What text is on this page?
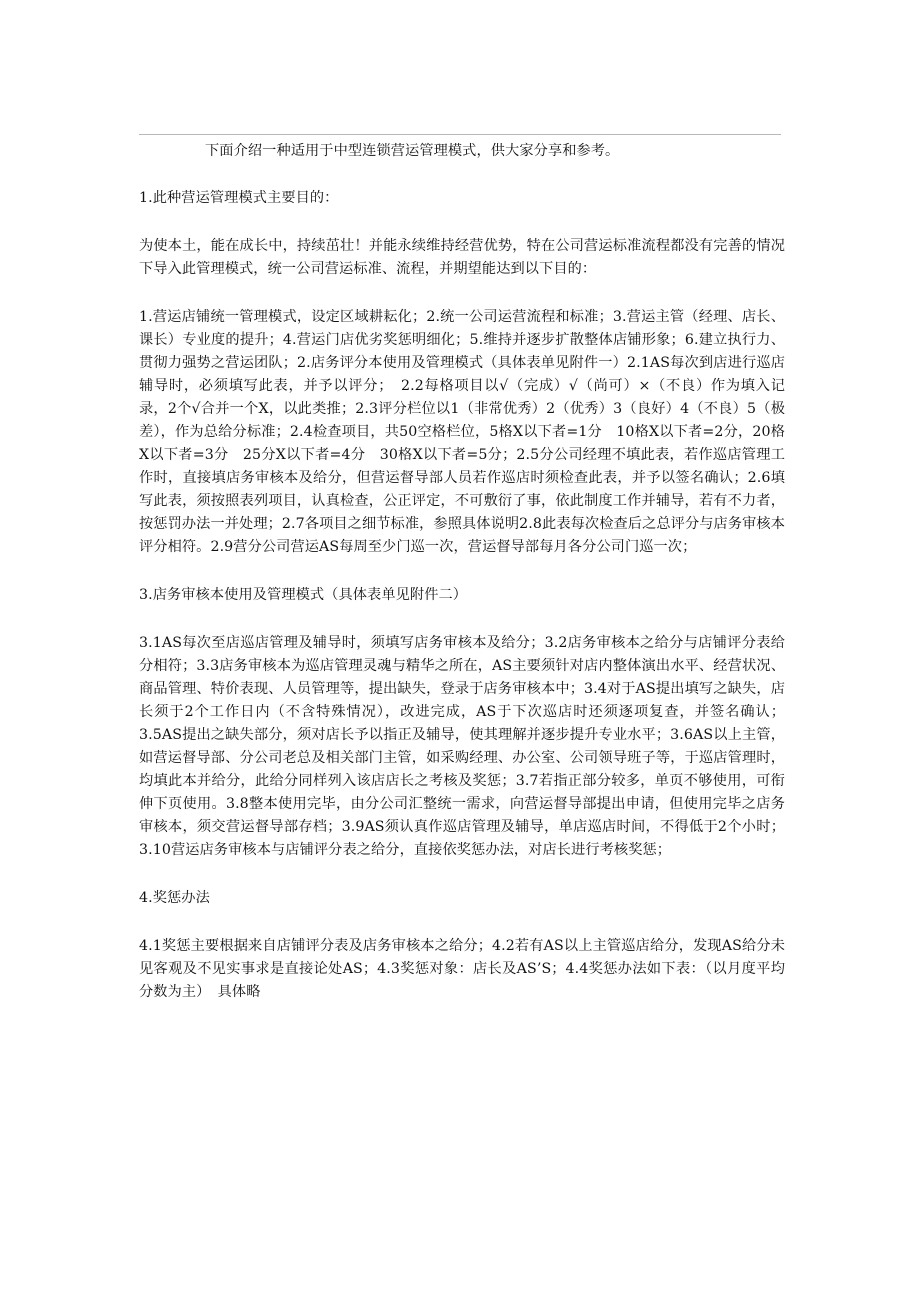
下面介绍一种适用于中型连锁营运管理模式，供大家分享和参考。

1.此种营运管理模式主要目的：

为使本土，能在成长中，持续茁壮！并能永续维持经营优势，特在公司营运标准流程都没有完善的情况下导入此管理模式，统一公司营运标准、流程，并期望能达到以下目的：

1.营运店铺统一管理模式，设定区域耕耘化；2.统一公司运营流程和标准；3.营运主管（经理、店长、课长）专业度的提升；4.营运门店优劣奖惩明细化；5.维持并逐步扩散整体店铺形象；6.建立执行力、贯彻力强势之营运团队；2.店务评分本使用及管理模式（具体表单见附件一）2.1AS每次到店进行巡店辅导时，必须填写此表，并予以评分；　2.2每格项目以√（完成）√（尚可）×（不良）作为填入记录，2个√合并一个X，以此类推；2.3评分栏位以1（非常优秀）2（优秀）3（良好）4（不良）5（极差），作为总给分标准；2.4检查项目，共50空格栏位，5格X以下者=1分　10格X以下者=2分，20格X以下者=3分　25分X以下者=4分　30格X以下者=5分；2.5分公司经理不填此表，若作巡店管理工作时，直接填店务审核本及给分，但营运督导部人员若作巡店时须检查此表，并予以签名确认；2.6填写此表，须按照表列项目，认真检查，公正评定，不可敷衍了事，依此制度工作并辅导，若有不力者，按惩罚办法一并处理；2.7各项目之细节标准，参照具体说明2.8此表每次检查后之总评分与店务审核本评分相符。2.9营分公司营运AS每周至少门巡一次，营运督导部每月各分公司门巡一次；

3.店务审核本使用及管理模式（具体表单见附件二）

3.1AS每次至店巡店管理及辅导时，须填写店务审核本及给分；3.2店务审核本之给分与店铺评分表给分相符；3.3店务审核本为巡店管理灵魂与精华之所在，AS主要须针对店内整体演出水平、经营状况、商品管理、特价表现、人员管理等，提出缺失，登录于店务审核本中；3.4对于AS提出填写之缺失，店长须于2个工作日内（不含特殊情况），改进完成，AS于下次巡店时还须逐项复查，并签名确认；3.5AS提出之缺失部分，须对店长予以指正及辅导，使其理解并逐步提升专业水平；3.6AS以上主管，如营运督导部、分公司老总及相关部门主管，如采购经理、办公室、公司领导班子等，于巡店管理时，均填此本并给分，此给分同样列入该店店长之考核及奖惩；3.7若指正部分较多，单页不够使用，可衔伸下页使用。3.8整本使用完毕，由分公司汇整统一需求，向营运督导部提出申请，但使用完毕之店务审核本，须交营运督导部存档；3.9AS须认真作巡店管理及辅导，单店巡店时间，不得低于2个小时；3.10营运店务审核本与店铺评分表之给分，直接依奖惩办法，对店长进行考核奖惩；

4.奖惩办法

4.1奖惩主要根据来自店铺评分表及店务审核本之给分；4.2若有AS以上主管巡店给分，发现AS给分未见客观及不见实事求是直接论处AS；4.3奖惩对象：店长及AS’S；4.4奖惩办法如下表：（以月度平均分数为主）　具体略
